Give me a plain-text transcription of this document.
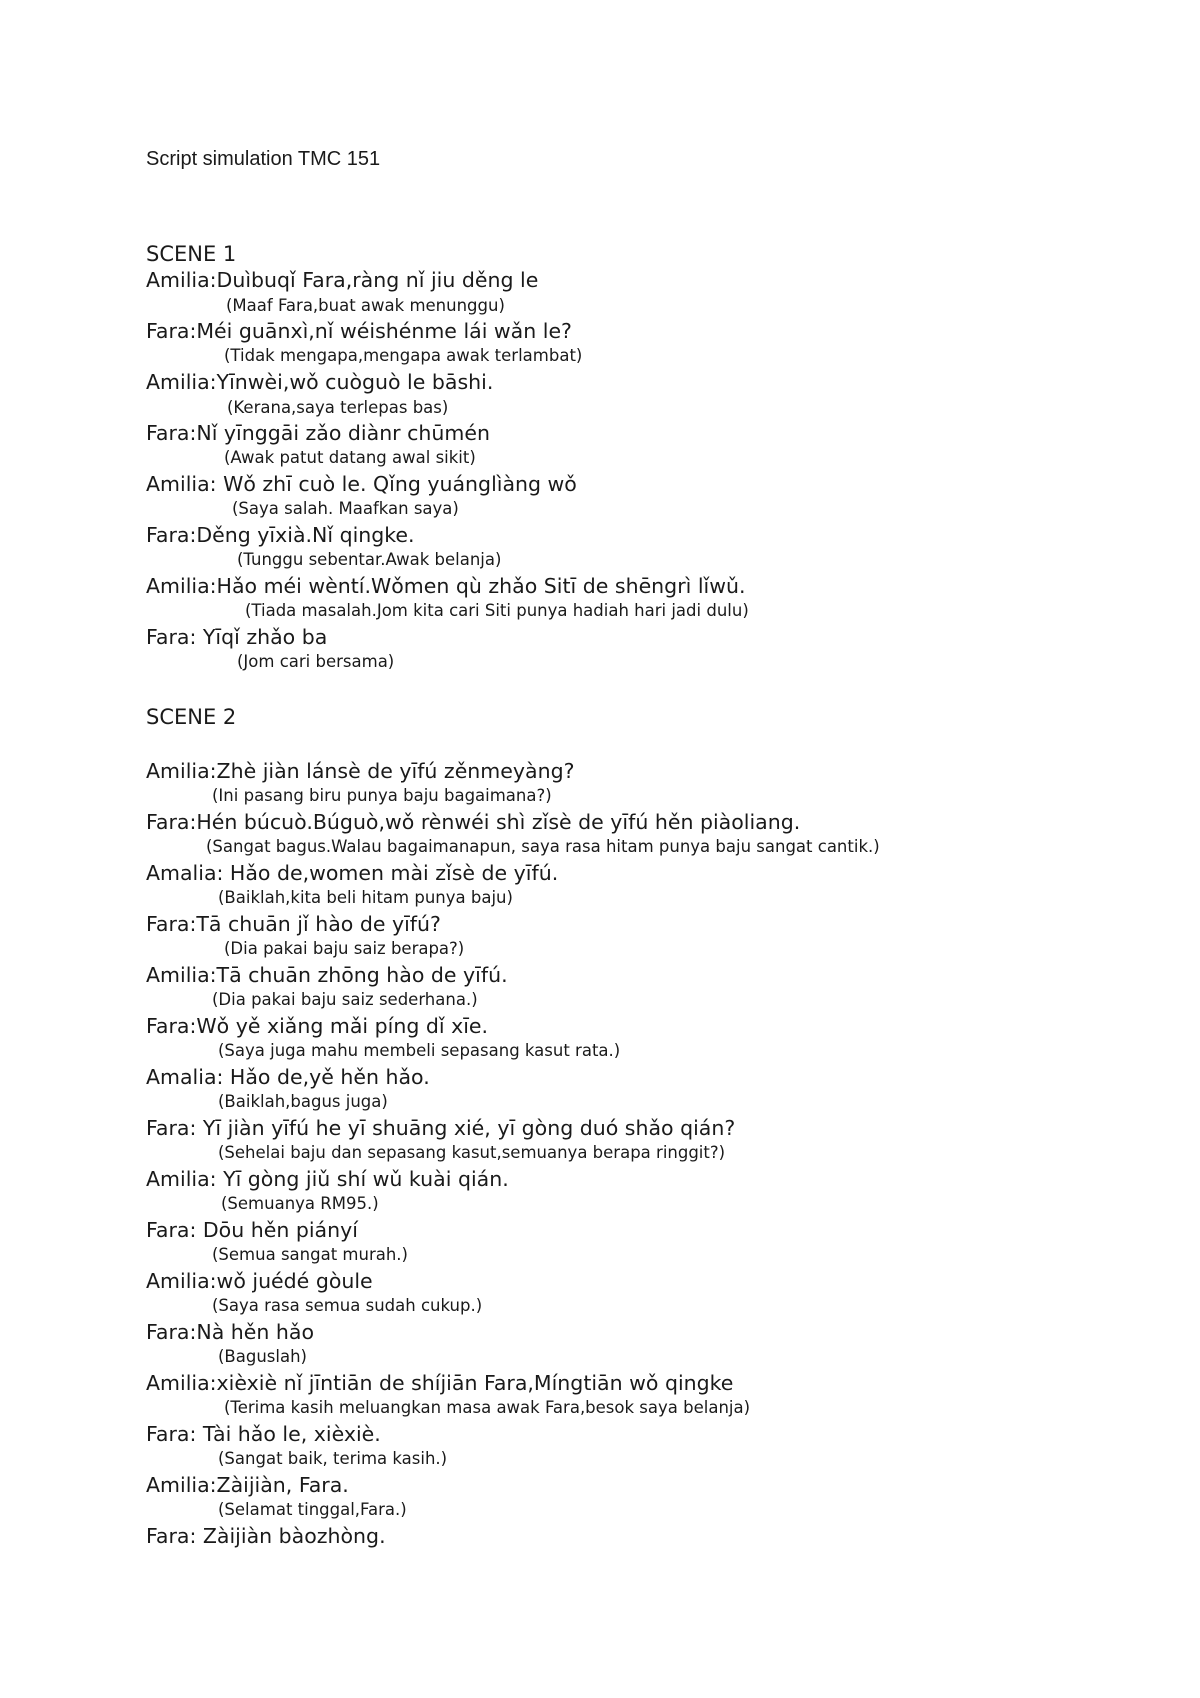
Script simulation TMC 151
SCENE 1
Amilia:Duìbuqǐ Fara,ràng nǐ jiu děng le
(Maaf Fara,buat awak menunggu)
Fara:Méi guānxì,nǐ wéishénme lái wǎn le?
(Tidak mengapa,mengapa awak terlambat)
Amilia:Yīnwèi,wǒ cuòguò le bāshi.
(Kerana,saya terlepas bas)
Fara:Nǐ yīnggāi zǎo diànr chūmén
(Awak patut datang awal sikit)
Amilia: Wǒ zhī cuò le. Qǐng yuánglìàng wǒ
(Saya salah. Maafkan saya)
Fara:Děng yīxià.Nǐ qingke.
(Tunggu sebentar.Awak belanja)
Amilia:Hǎo méi wèntí.Wǒmen qù zhǎo Sitī de shēngrì lǐwǔ.
(Tiada masalah.Jom kita cari Siti punya hadiah hari jadi dulu)
Fara: Yīqǐ zhǎo ba
(Jom cari bersama)
SCENE 2
Amilia:Zhè jiàn lánsè de yīfú zěnmeyàng?
(Ini pasang biru punya baju bagaimana?)
Fara:Hén búcuò.Búguò,wǒ rènwéi shì zǐsè de yīfú hěn piàoliang.
(Sangat bagus.Walau bagaimanapun, saya rasa hitam punya baju sangat cantik.)
Amalia: Hǎo de,women mài zǐsè de yīfú.
(Baiklah,kita beli hitam punya baju)
Fara:Tā chuān jǐ hào de yīfú?
(Dia pakai baju saiz berapa?)
Amilia:Tā chuān zhōng hào de yīfú.
(Dia pakai baju saiz sederhana.)
Fara:Wǒ yě xiǎng mǎi píng dǐ xīe.
(Saya juga mahu membeli sepasang kasut rata.)
Amalia: Hǎo de,yě hěn hǎo.
(Baiklah,bagus juga)
Fara: Yī jiàn yīfú he yī shuāng xié, yī gòng duó shǎo qián?
(Sehelai baju dan sepasang kasut,semuanya berapa ringgit?)
Amilia: Yī gòng jiǔ shí wǔ kuài qián.
(Semuanya RM95.)
Fara: Dōu hěn piányí
(Semua sangat murah.)
Amilia:wǒ juédé gòule
(Saya rasa semua sudah cukup.)
Fara:Nà hěn hǎo
(Baguslah)
Amilia:xièxiè nǐ jīntiān de shíjiān Fara,Míngtiān wǒ qingke
(Terima kasih meluangkan masa awak Fara,besok saya belanja)
Fara: Tài hǎo le, xièxiè.
(Sangat baik, terima kasih.)
Amilia:Zàijiàn, Fara.
(Selamat tinggal,Fara.)
Fara: Zàijiàn bàozhòng.
